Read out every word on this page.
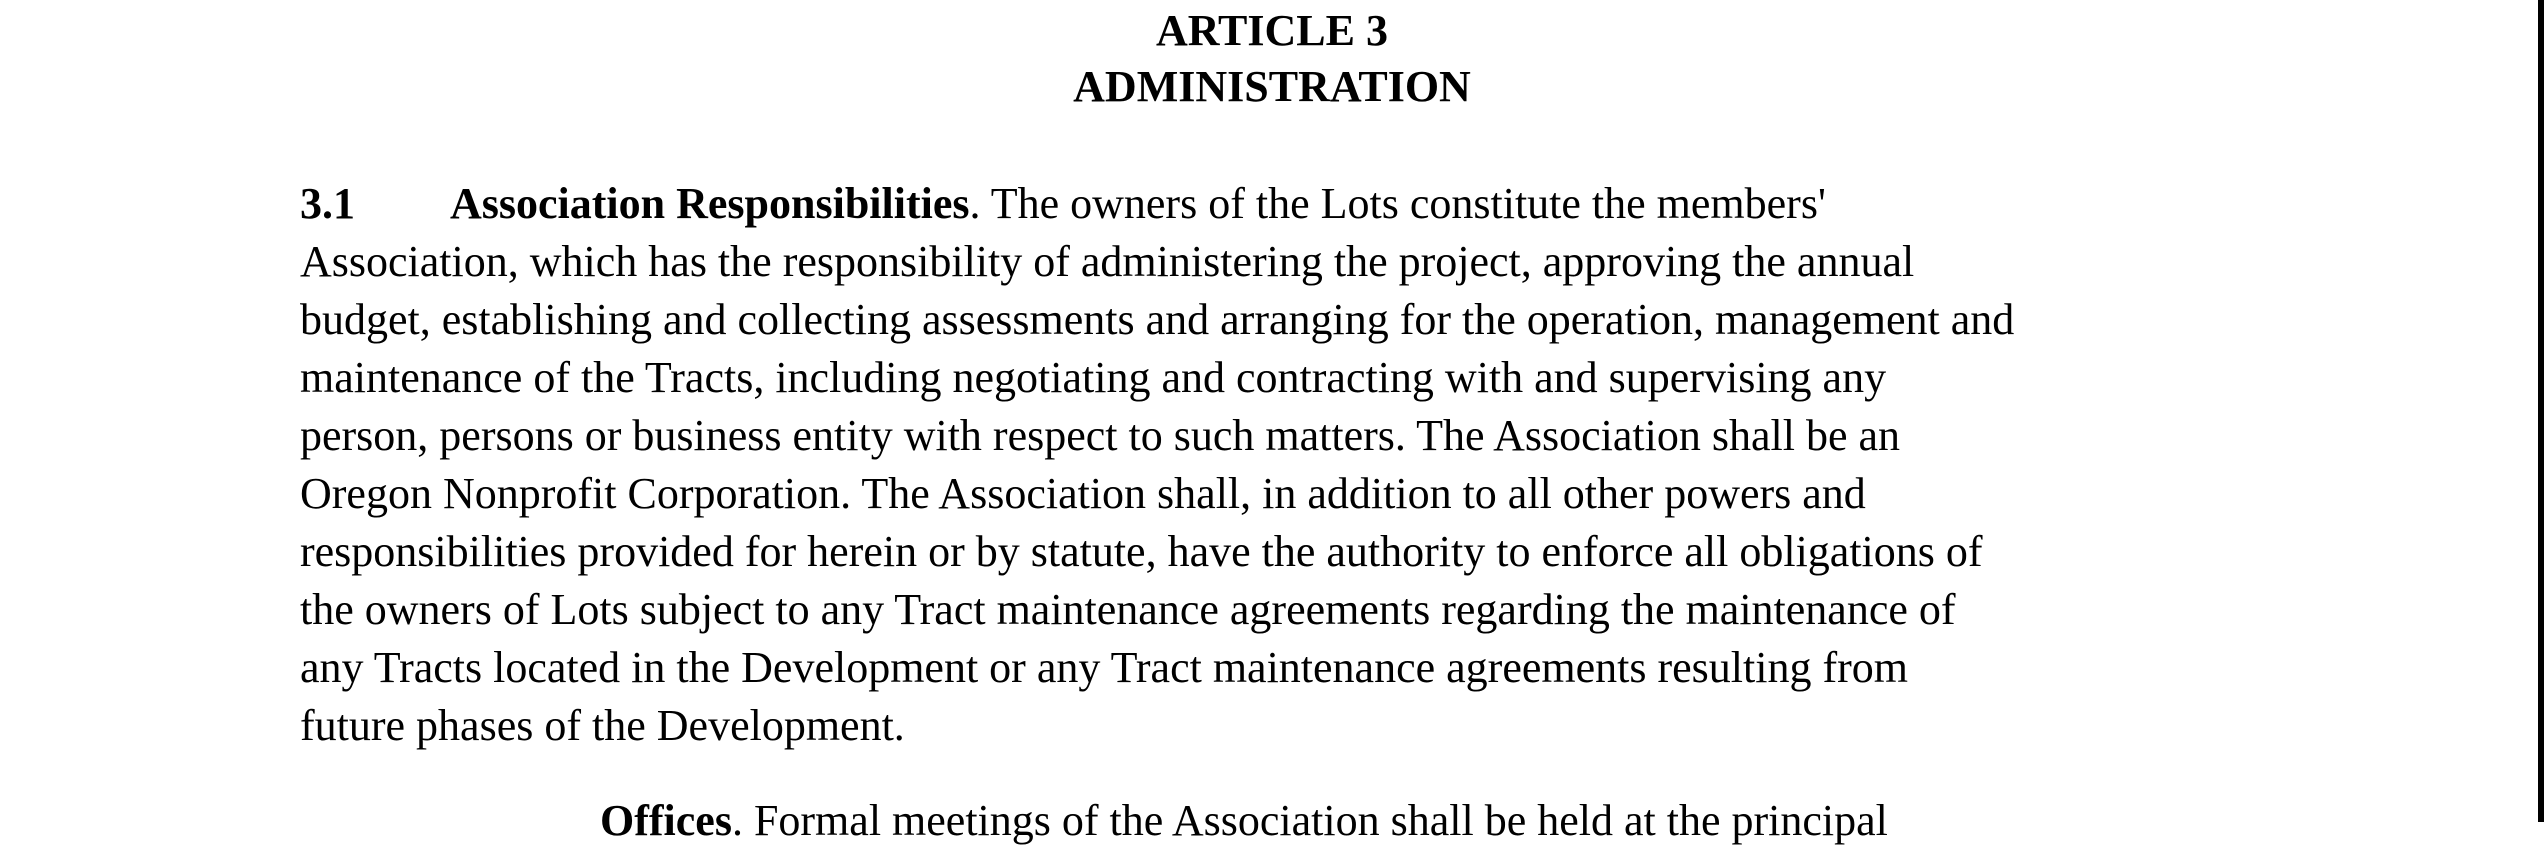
ARTICLE 3
ADMINISTRATION
3.1 Association Responsibilities. The owners of the Lots constitute the members'
Association, which has the responsibility of administering the project, approving the annual
budget, establishing and collecting assessments and arranging for the operation, management and
maintenance of the Tracts, including negotiating and contracting with and supervising any
person, persons or business entity with respect to such matters. The Association shall be an
Oregon Nonprofit Corporation. The Association shall, in addition to all other powers and
responsibilities provided for herein or by statute, have the authority to enforce all obligations of
the owners of Lots subject to any Tract maintenance agreements regarding the maintenance of
any Tracts located in the Development or any Tract maintenance agreements resulting from
future phases of the Development.
Offices. Formal meetings of the Association shall be held at the principal
